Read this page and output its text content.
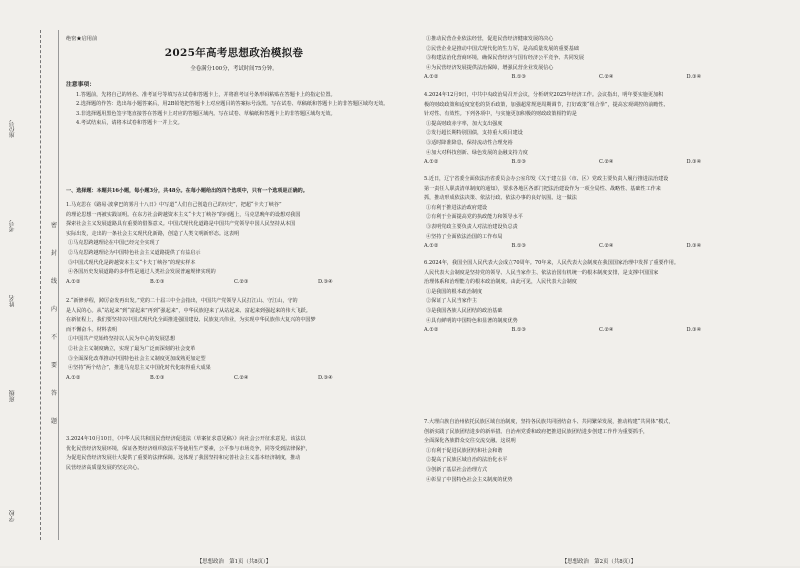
学校
班级
姓名
考号
座位号
密
封
线
内
不
要
答
题
绝密★启用前
2025年高考思想政治模拟卷
全卷满分100分，考试时间75分钟。

注意事项：

1.答题前，先将自己的姓名、准考证号等填写在试卷和答题卡上，并将准考证号条形码粘贴在答题卡上的指定位置。

2.选择题的作答：选出每小题答案后，用2B铅笔把答题卡上对应题目的答案标号涂黑。写在试卷、草稿纸和答题卡上的非答题区域均无效。

3.非选择题用黑色签字笔直接答在答题卡上对应的答题区域内。写在试卷、草稿纸和答题卡上的非答题区域均无效。

4.考试结束后，请将本试卷和答题卡一并上交。

一、选择题：本题共16小题，每小题3分，共48分。在每小题给出的四个选项中，只有一个选项是正确的。

1.马克思在《路易·波拿巴的雾月十八日》中写道“人们自己创造自己的历史”，把超“卡夫丁峡谷”

的理论思想一再被实践证明。在东方社会跨越资本主义“卡夫丁峡谷”的问题上，马克思晚年的设想对我国

探索社会主义发展道路具有重要的借鉴意义。中国式现代化道路是中国共产党领导中国人民坚持从本国

实际出发，走出的一条社会主义现代化新路，创造了人类文明新形态。这表明

①马克思跨越理论在中国已经完全实现了

②马克思跨越理论为中国特色社会主义道路提供了有益启示

③中国式现代化是跨越资本主义“卡夫丁峡谷”的现实样本

④各国历史发展道路的多样性是通过人类社会发展普遍规律实现的

A.①②	B.①③	C.②③	D.③④

2.“新修养程，踔厉奋发再出发。”党的二十届三中全会指出，中国共产党领导人民打江山、守江山，守的

是人民的心。从“站起来”到“富起来”再到“强起来”，中华民族迎来了从站起来、富起来到强起来的伟大飞跃。

在新征程上，我们要坚持以中国式现代化全面推进强国建设、民族复兴伟业，为实现中华民族伟大复兴的中国梦

而不懈奋斗。材料表明

①中国共产党始终坚持以人民为中心的发展思想

②社会主义制度确立，实现了最为广泛而深刻的社会变革

③全面深化改革推动中国特色社会主义制度更加成熟更加定型

④坚持“两个结合”，推进马克思主义中国化时代化取得重大成果

A.①②	B.①③	C.②④	D.③④

3.2024年10月10日，《中华人民共和国民营经济促进法（草案征求意见稿）》向社会公开征求意见。该法以

优化民营经济发展环境，保证各类经济组织依法平等使用生产要素，公平参与市场竞争，同等受到法律保护，

为促进民营经济发展壮大提供了重要的法律保障。这体现了我国坚持和完善社会主义基本经济制度，推动

民营经济高质量发展的坚定决心。

【思想政治　第1页（共8页）】

①推动民营企业依法经营，促进民营经济健康发展的决心

②民营企业是推动中国式现代化的生力军，是高质量发展的重要基础

③构建法治化营商环境，确保民营经济与国有经济公平竞争、共同发展

④为民营经济发展提供法治保障，增强民营企业发展信心

A.①②	B.①③	C.②④	D.③④

4.2024年12月9日，中共中央政治局召开会议，分析研究2025年经济工作。会议指出，明年要实施更加积

极的财政政策和适度宽松的货币政策，加强超常规逆周期调节，打好政策“组合拳”，提高宏观调控的前瞻性、

针对性、有效性。下列各项中，与实施更加积极的财政政策相符的是

①提高财政赤字率，加大支出强度

②发行超长期特别国债，支持重大项目建设

③适时降准降息，保持流动性合理充裕

④加大对科技创新、绿色发展的金融支持力度

A.①②	B.①③	C.②④	D.③④

5.近日，辽宁省委全面依法治省委员会办公室印发《关于建立县（市、区）党政主要负责人履行推进法治建设

第一责任人职责清单制度的通知》，要求各地区各部门把法治建设作为一项全局性、战略性、基础性工作来

抓，推动形成依法决策、依法行政、依法办事的良好氛围。这一做法

①有利于推进法治政府建设

②有利于全面提高党的执政能力和领导水平

③表明党政主要负责人对法治建设负总责

④坚持了全面依法治国的工作布局

A.①②	B.①③	C.②④	D.③④

6.2024年，我国全国人民代表大会成立70周年。70年来，人民代表大会制度在我国国家治理中发挥了重要作用。

人民代表大会制度是坚持党的领导、人民当家作主、依法治国有机统一的根本制度安排，是支撑中国国家

治理体系和治理能力的根本政治制度。由此可见，人民代表大会制度

①是我国的根本政治制度

②保证了人民当家作主

③是我国各族人民团结的政治基础

④具有鲜明的中国特色和显著的制度优势

A.①②	B.①③	C.②④	D.③④

7.大理白族自治州依托民族区域自治制度，坚持各民族共同团结奋斗、共同繁荣发展，推动构建“共同体”模式，

创新实践了民族团结进步的新举措。自治州党委和政府把推进民族团结进步创建工作作为重要抓手，

全面深化各族群众交往交流交融。这说明

①有利于促进民族团结和社会和谐

②提高了民族区域自治的法治化水平

③创新了基层社会治理方式

④彰显了中国特色社会主义制度的优势

【思想政治　第2页（共8页）】
